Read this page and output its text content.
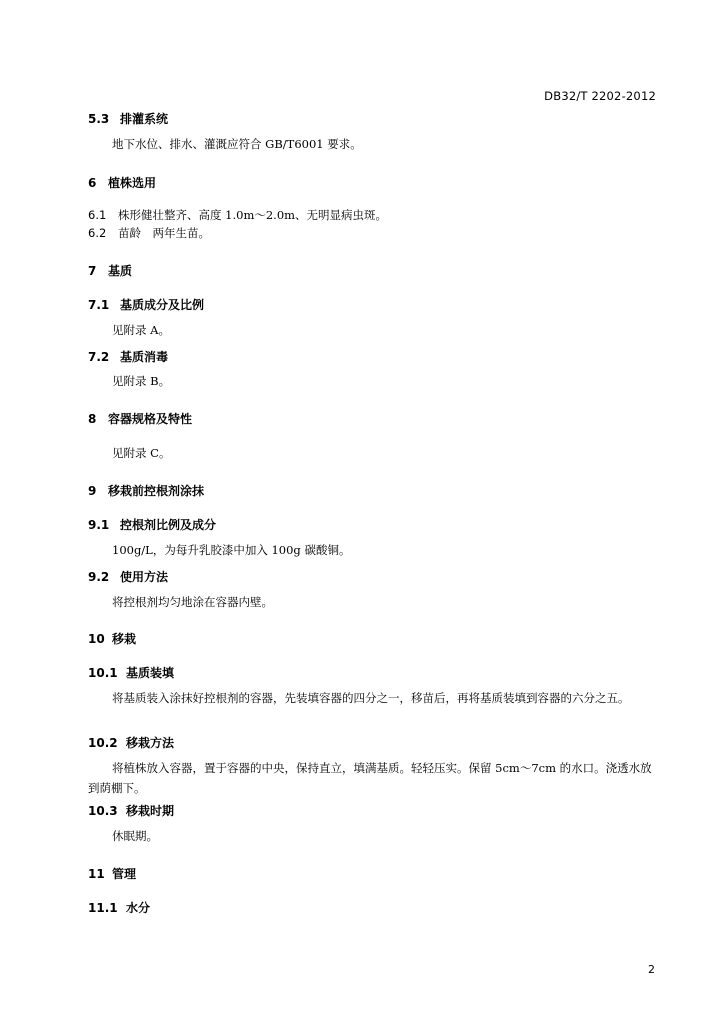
DB32/T 2202-2012
5.3 排灌系统
地下水位、排水、灌溉应符合 GB/T6001 要求。
6 植株选用
6.1 株形健壮整齐、高度 1.0m～2.0m、无明显病虫斑。
6.2 苗龄　两年生苗。
7 基质
7.1 基质成分及比例
见附录 A。
7.2 基质消毒
见附录 B。
8 容器规格及特性
见附录 C。
9 移栽前控根剂涂抹
9.1 控根剂比例及成分
100g/L，为每升乳胶漆中加入 100g 碳酸铜。
9.2 使用方法
将控根剂均匀地涂在容器内壁。
10 移栽
10.1 基质装填
将基质装入涂抹好控根剂的容器，先装填容器的四分之一，移苗后，再将基质装填到容器的六分之五。
10.2 移栽方法
将植株放入容器，置于容器的中央，保持直立，填满基质。轻轻压实。保留 5cm～7cm 的水口。浇透水放到荫棚下。
10.3 移栽时期
休眠期。
11 管理
11.1 水分
2
